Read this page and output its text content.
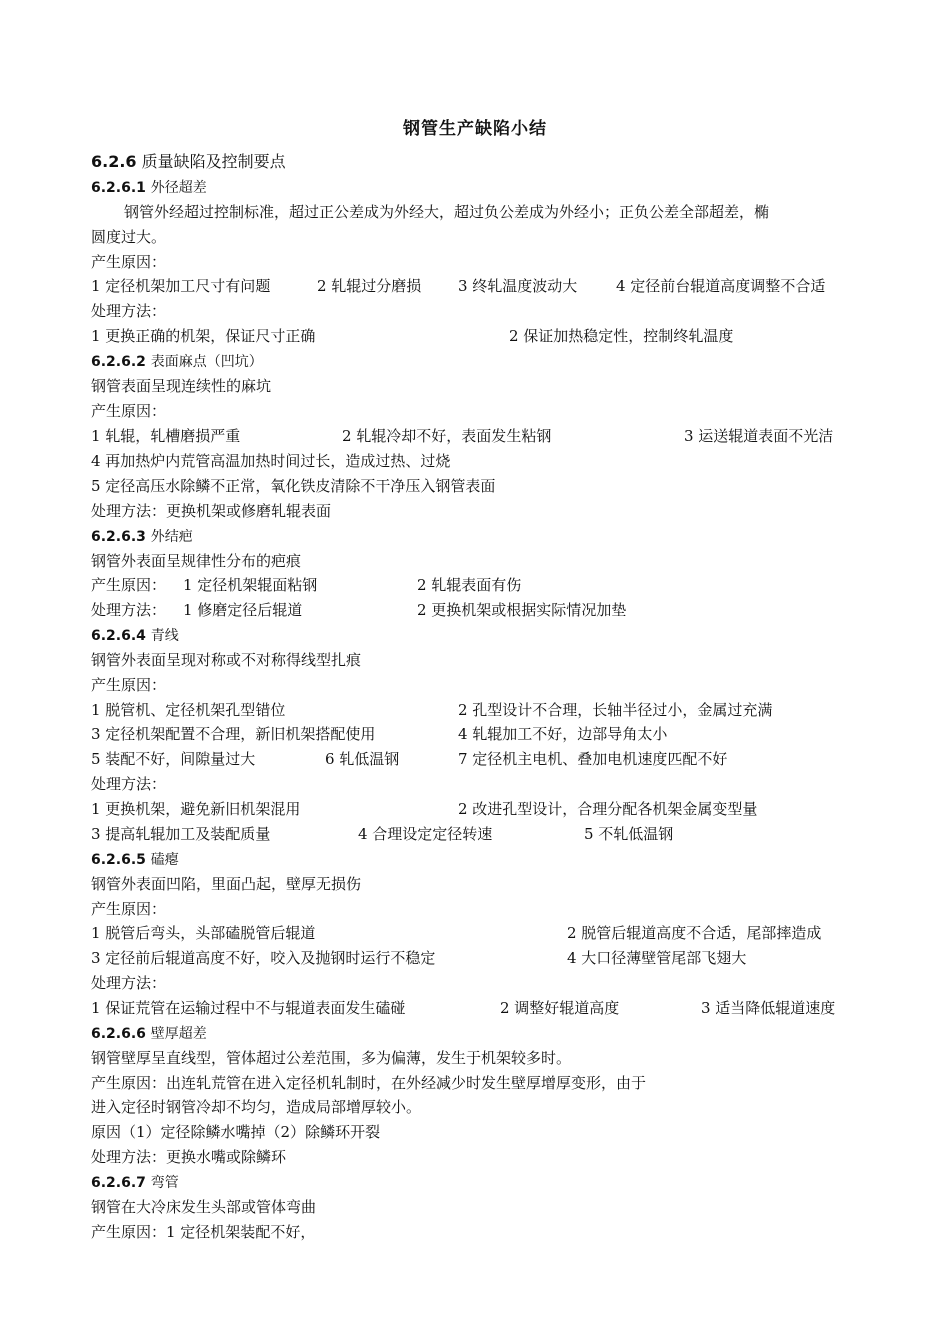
钢管生产缺陷小结
6.2.6 质量缺陷及控制要点
6.2.6.1 外径超差
钢管外经超过控制标准，超过正公差成为外经大，超过负公差成为外经小；正负公差全部超差，椭
圆度过大。
产生原因：
1 定径机架加工尺寸有问题	2 轧辊过分磨损 3 终轧温度波动大	4 定径前台辊道高度调整不合适
处理方法：
1 更换正确的机架，保证尺寸正确	2 保证加热稳定性，控制终轧温度
6.2.6.2 表面麻点（凹坑）
钢管表面呈现连续性的麻坑
产生原因：
1 轧辊，轧槽磨损严重	2 轧辊冷却不好，表面发生粘钢	3 运送辊道表面不光洁
4 再加热炉内荒管高温加热时间过长，造成过热、过烧
5 定径高压水除鳞不正常，氧化铁皮清除不干净压入钢管表面
处理方法：更换机架或修磨轧辊表面
6.2.6.3 外结疤
钢管外表面呈规律性分布的疤痕
产生原因： 1 定径机架辊面粘钢	2 轧辊表面有伤
处理方法： 1 修磨定径后辊道	2 更换机架或根据实际情况加垫
6.2.6.4 青线
钢管外表面呈现对称或不对称得线型扎痕
产生原因：
1 脱管机、定径机架孔型错位	2 孔型设计不合理，长轴半径过小，金属过充满
3 定径机架配置不合理，新旧机架搭配使用	4 轧辊加工不好，边部导角太小
5 装配不好，间隙量过大	6 轧低温钢	7 定径机主电机、叠加电机速度匹配不好
处理方法：
1 更换机架，避免新旧机架混用	2 改进孔型设计，合理分配各机架金属变型量
3 提高轧辊加工及装配质量	4 合理设定定径转速	5 不轧低温钢
6.2.6.5 磕瘪
钢管外表面凹陷，里面凸起，壁厚无损伤
产生原因：
1 脱管后弯头，头部磕脱管后辊道	2 脱管后辊道高度不合适，尾部摔造成
3 定径前后辊道高度不好，咬入及抛钢时运行不稳定	4 大口径薄壁管尾部飞翅大
处理方法：
1 保证荒管在运输过程中不与辊道表面发生磕碰	2 调整好辊道高度	3 适当降低辊道速度
6.2.6.6 壁厚超差
钢管壁厚呈直线型，管体超过公差范围，多为偏薄，发生于机架较多时。
产生原因：出连轧荒管在进入定径机轧制时，在外经减少时发生壁厚增厚变形，由于
进入定径时钢管冷却不均匀，造成局部增厚较小。
原因（1）定径除鳞水嘴掉（2）除鳞环开裂
处理方法：更换水嘴或除鳞环
6.2.6.7 弯管
钢管在大冷床发生头部或管体弯曲
产生原因：1 定径机架装配不好，
